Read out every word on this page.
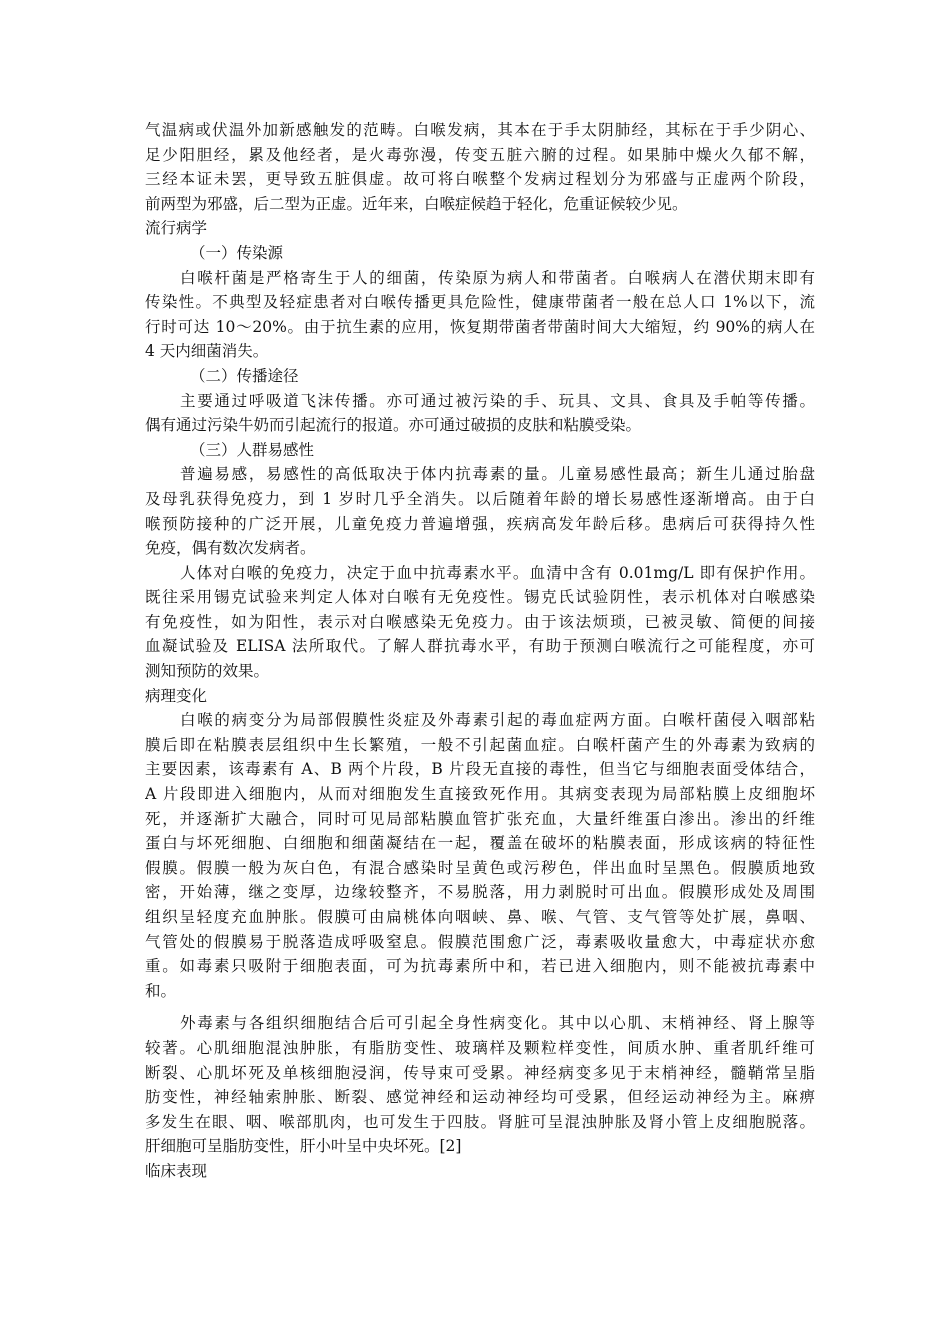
气温病或伏温外加新感触发的范畴。白喉发病，其本在于手太阴肺经，其标在于手少阴心、
足少阳胆经，累及他经者，是火毒弥漫，传变五脏六腑的过程。如果肺中燥火久郁不解，
三经本证未罢，更导致五脏俱虚。故可将白喉整个发病过程划分为邪盛与正虚两个阶段，
前两型为邪盛，后二型为正虚。近年来，白喉症候趋于轻化，危重证候较少见。
流行病学
（一）传染源
白喉杆菌是严格寄生于人的细菌，传染原为病人和带菌者。白喉病人在潜伏期末即有
传染性。不典型及轻症患者对白喉传播更具危险性，健康带菌者一般在总人口 1%以下，流
行时可达 10～20%。由于抗生素的应用，恢复期带菌者带菌时间大大缩短，约 90%的病人在
4 天内细菌消失。
（二）传播途径
主要通过呼吸道飞沫传播。亦可通过被污染的手、玩具、文具、食具及手帕等传播。
偶有通过污染牛奶而引起流行的报道。亦可通过破损的皮肤和粘膜受染。
（三）人群易感性
普遍易感，易感性的高低取决于体内抗毒素的量。儿童易感性最高；新生儿通过胎盘
及母乳获得免疫力，到 1 岁时几乎全消失。以后随着年龄的增长易感性逐渐增高。由于白
喉预防接种的广泛开展，儿童免疫力普遍增强，疾病高发年龄后移。患病后可获得持久性
免疫，偶有数次发病者。
人体对白喉的免疫力，决定于血中抗毒素水平。血清中含有 0.01mg/L 即有保护作用。
既往采用锡克试验来判定人体对白喉有无免疫性。锡克氏试验阴性，表示机体对白喉感染
有免疫性，如为阳性，表示对白喉感染无免疫力。由于该法烦琐，已被灵敏、简便的间接
血凝试验及 ELISA 法所取代。了解人群抗毒水平，有助于预测白喉流行之可能程度，亦可
测知预防的效果。
病理变化
白喉的病变分为局部假膜性炎症及外毒素引起的毒血症两方面。白喉杆菌侵入咽部粘
膜后即在粘膜表层组织中生长繁殖，一般不引起菌血症。白喉杆菌产生的外毒素为致病的
主要因素，该毒素有 A、B 两个片段，B 片段无直接的毒性，但当它与细胞表面受体结合，
A 片段即进入细胞内，从而对细胞发生直接致死作用。其病变表现为局部粘膜上皮细胞坏
死，并逐渐扩大融合，同时可见局部粘膜血管扩张充血，大量纤维蛋白渗出。渗出的纤维
蛋白与坏死细胞、白细胞和细菌凝结在一起，覆盖在破坏的粘膜表面，形成该病的特征性
假膜。假膜一般为灰白色，有混合感染时呈黄色或污秽色，伴出血时呈黑色。假膜质地致
密，开始薄，继之变厚，边缘较整齐，不易脱落，用力剥脱时可出血。假膜形成处及周围
组织呈轻度充血肿胀。假膜可由扁桃体向咽峡、鼻、喉、气管、支气管等处扩展，鼻咽、
气管处的假膜易于脱落造成呼吸窒息。假膜范围愈广泛，毒素吸收量愈大，中毒症状亦愈
重。如毒素只吸附于细胞表面，可为抗毒素所中和，若已进入细胞内，则不能被抗毒素中
和。
外毒素与各组织细胞结合后可引起全身性病变化。其中以心肌、末梢神经、肾上腺等
较著。心肌细胞混浊肿胀，有脂肪变性、玻璃样及颗粒样变性，间质水肿、重者肌纤维可
断裂、心肌坏死及单核细胞浸润，传导束可受累。神经病变多见于末梢神经，髓鞘常呈脂
肪变性，神经轴索肿胀、断裂、感觉神经和运动神经均可受累，但经运动神经为主。麻痹
多发生在眼、咽、喉部肌肉，也可发生于四肢。肾脏可呈混浊肿胀及肾小管上皮细胞脱落。
肝细胞可呈脂肪变性，肝小叶呈中央坏死。[2]
临床表现
